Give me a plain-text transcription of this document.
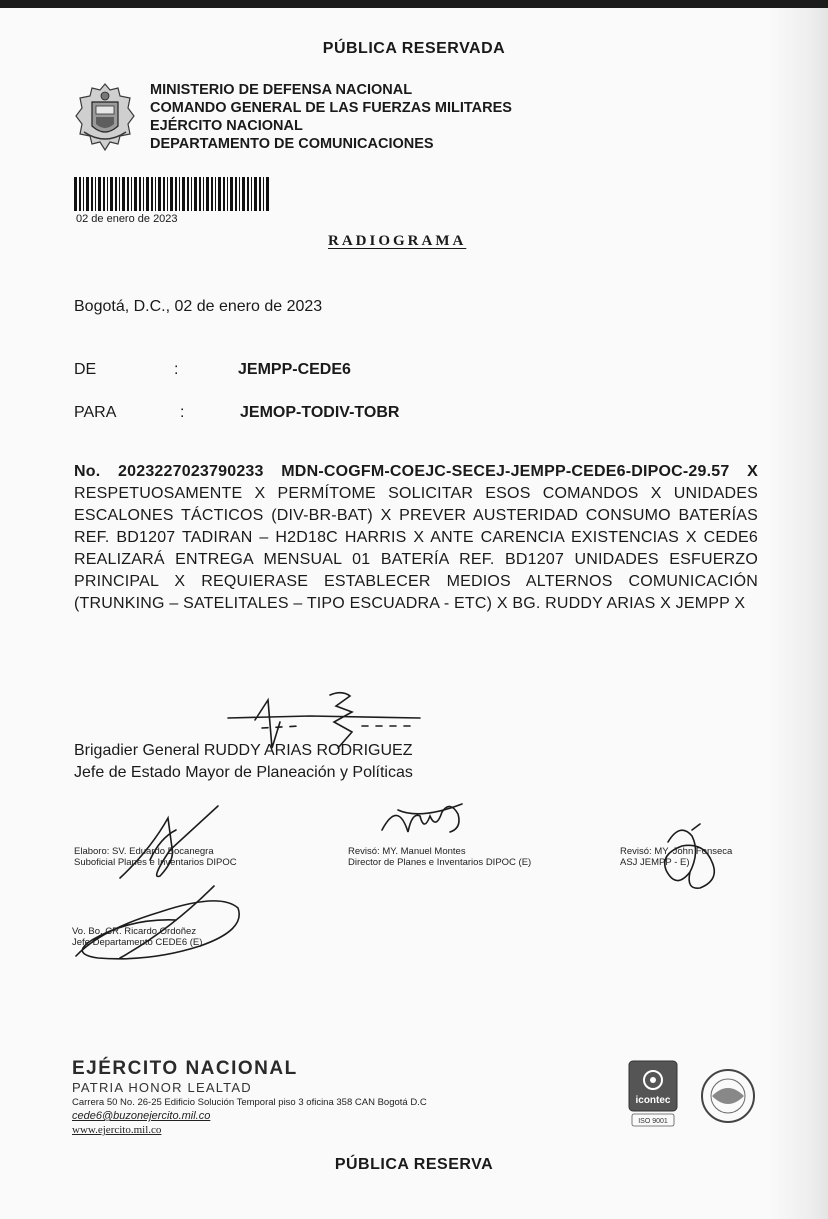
PÚBLICA RESERVADA
MINISTERIO DE DEFENSA NACIONAL
COMANDO GENERAL DE LAS FUERZAS MILITARES
EJÉRCITO NACIONAL
DEPARTAMENTO DE COMUNICACIONES
02 de enero de 2023
RADIOGRAMA
Bogotá, D.C., 02 de enero de 2023
DE	:	JEMPP-CEDE6
PARA	:	JEMOP-TODIV-TOBR
No. 2023227023790233 MDN-COGFM-COEJC-SECEJ-JEMPP-CEDE6-DIPOC-29.57 X RESPETUOSAMENTE X PERMÍTOME SOLICITAR ESOS COMANDOS X UNIDADES ESCALONES TÁCTICOS (DIV-BR-BAT) X PREVER AUSTERIDAD CONSUMO BATERÍAS REF. BD1207 TADIRAN – H2D18C HARRIS X ANTE CARENCIA EXISTENCIAS X CEDE6 REALIZARÁ ENTREGA MENSUAL 01 BATERÍA REF. BD1207 UNIDADES ESFUERZO PRINCIPAL X REQUIERASE ESTABLECER MEDIOS ALTERNOS COMUNICACIÓN (TRUNKING – SATELITALES – TIPO ESCUADRA - ETC) X BG. RUDDY ARIAS X JEMPP X
Brigadier General RUDDY ARIAS RODRIGUEZ
Jefe de Estado Mayor de Planeación y Políticas
Elaboro: SV. Eduardo Bocanegra
Suboficial Planes e Inventarios DIPOC
Revisó: MY. Manuel Montes
Director de Planes e Inventarios DIPOC (E)
Revisó: MY. John Fonseca
ASJ JEMPP - E)
Vo. Bo. CR. Ricardo Ordoñez
Jefe Departamento CEDE6 (E)
EJÉRCITO NACIONAL
PATRIA HONOR LEALTAD
Carrera 50 No. 26-25 Edificio Solución Temporal piso 3 oficina 358 CAN Bogotá D.C
cede6@buzonejercito.mil.co
www.ejercito.mil.co
icontec
ISO 9001
PÚBLICA RESERVA
